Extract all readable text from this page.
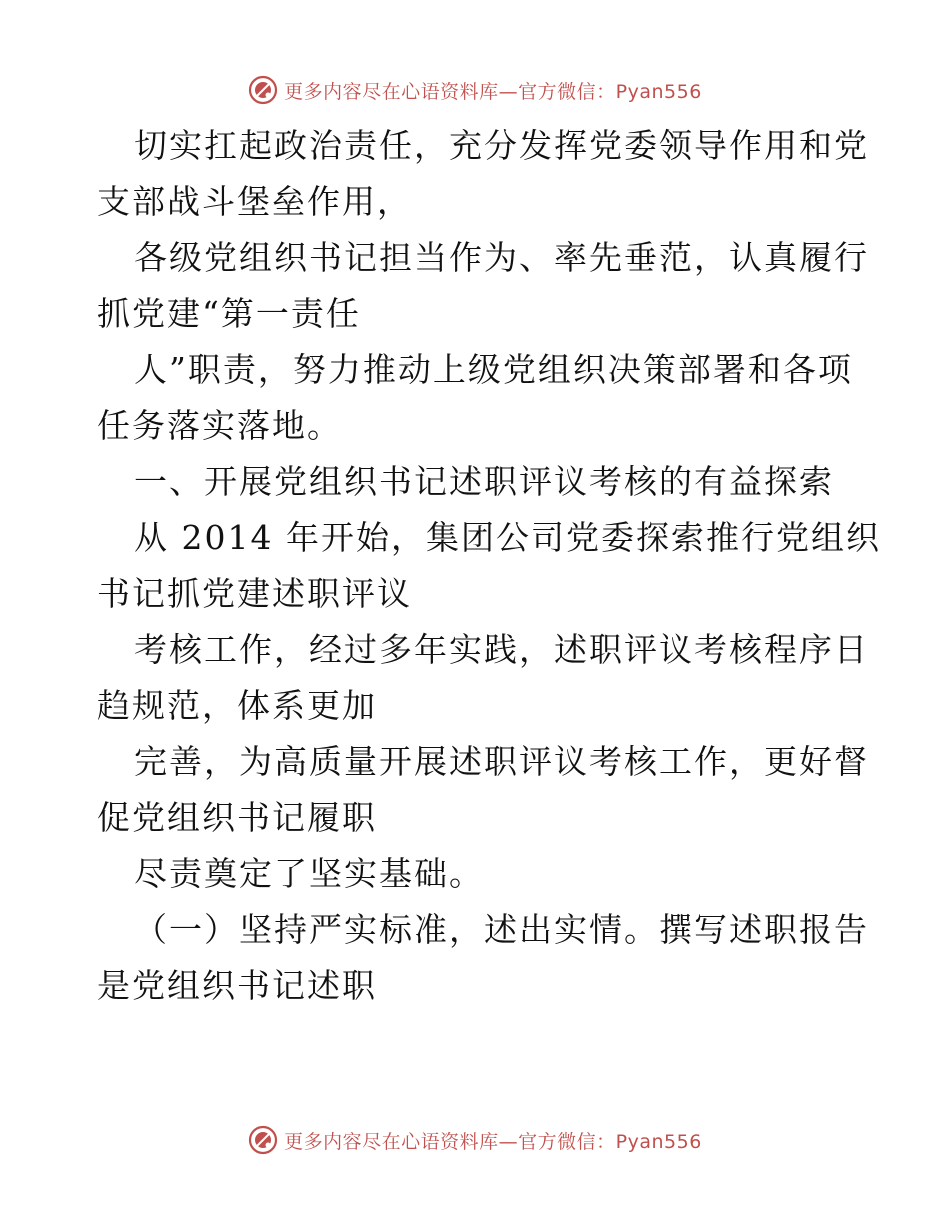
更多内容尽在心语资料库—官方微信：Pyan556
切实扛起政治责任，充分发挥党委领导作用和党
支部战斗堡垒作用，
各级党组织书记担当作为、率先垂范，认真履行
抓党建“第一责任
人”职责，努力推动上级党组织决策部署和各项
任务落实落地。
一、开展党组织书记述职评议考核的有益探索
从 2014 年开始，集团公司党委探索推行党组织
书记抓党建述职评议
考核工作，经过多年实践，述职评议考核程序日
趋规范，体系更加
完善，为高质量开展述职评议考核工作，更好督
促党组织书记履职
尽责奠定了坚实基础。
（一）坚持严实标准，述出实情。撰写述职报告
是党组织书记述职
更多内容尽在心语资料库—官方微信：Pyan556
